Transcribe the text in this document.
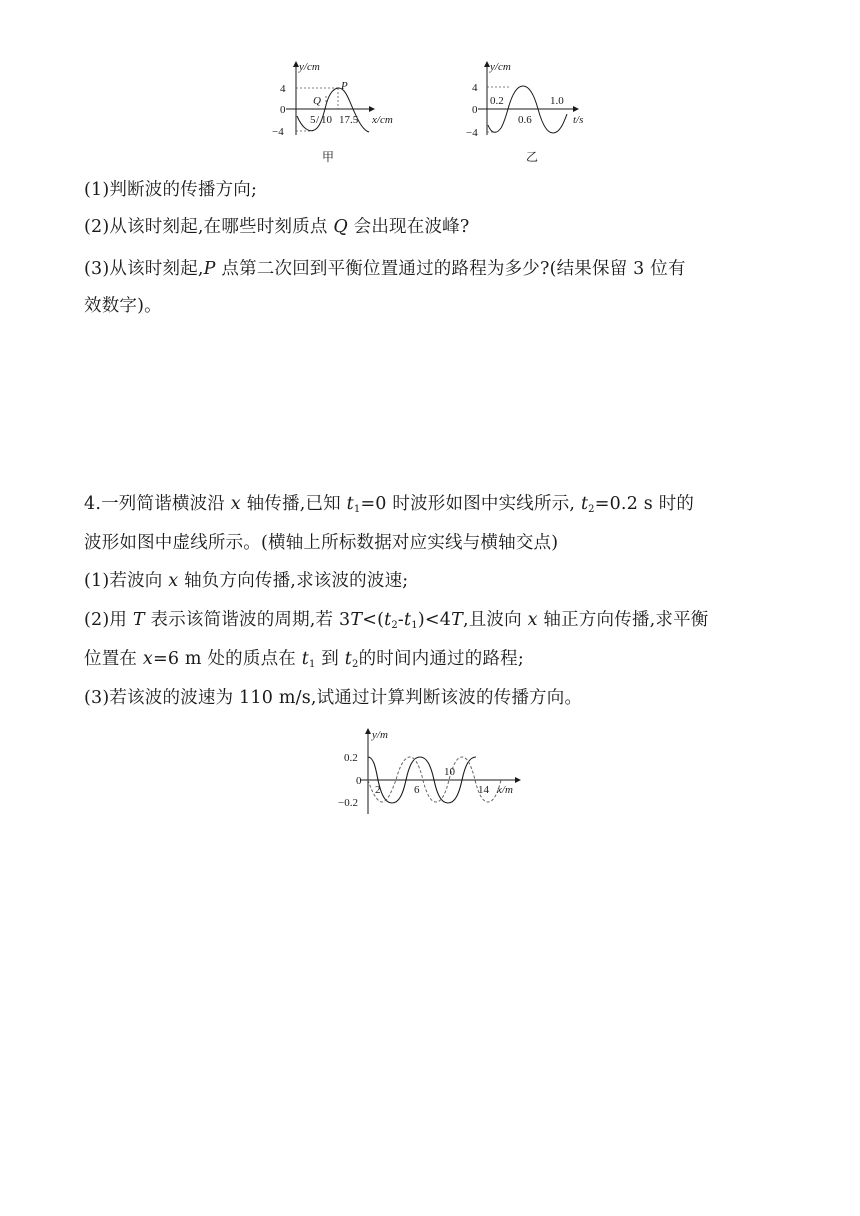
y/cm
4
0
−4
Q
P
5 / 10 17.5 x/cm
甲
y/cm
4
0
−4
0.2
0.6
1.0
t/s
乙
(1)判断波的传播方向;
(2)从该时刻起,在哪些时刻质点 Q 会出现在波峰?
(3)从该时刻起,P 点第二次回到平衡位置通过的路程为多少?(结果保留 3 位有
效数字)。
4.一列简谐横波沿 x 轴传播,已知 $t_1=0$ 时波形如图中实线所示, $t_2=0.2$ s 时的
波形如图中虚线所示。(横轴上所标数据对应实线与横轴交点)
(1)若波向 x 轴负方向传播,求该波的波速;
(2)用 T 表示该简谐波的周期,若 $3T<(t_2-t_1)<4T$,且波向 x 轴正方向传播,求平衡
位置在 x=6 m 处的质点在 $t_1$ 到 $t_2$的时间内通过的路程;
(3)若该波的波速为 110 m/s,试通过计算判断该波的传播方向。
y/m
0.2
0
−0.2
2	6
10
14 x/m
